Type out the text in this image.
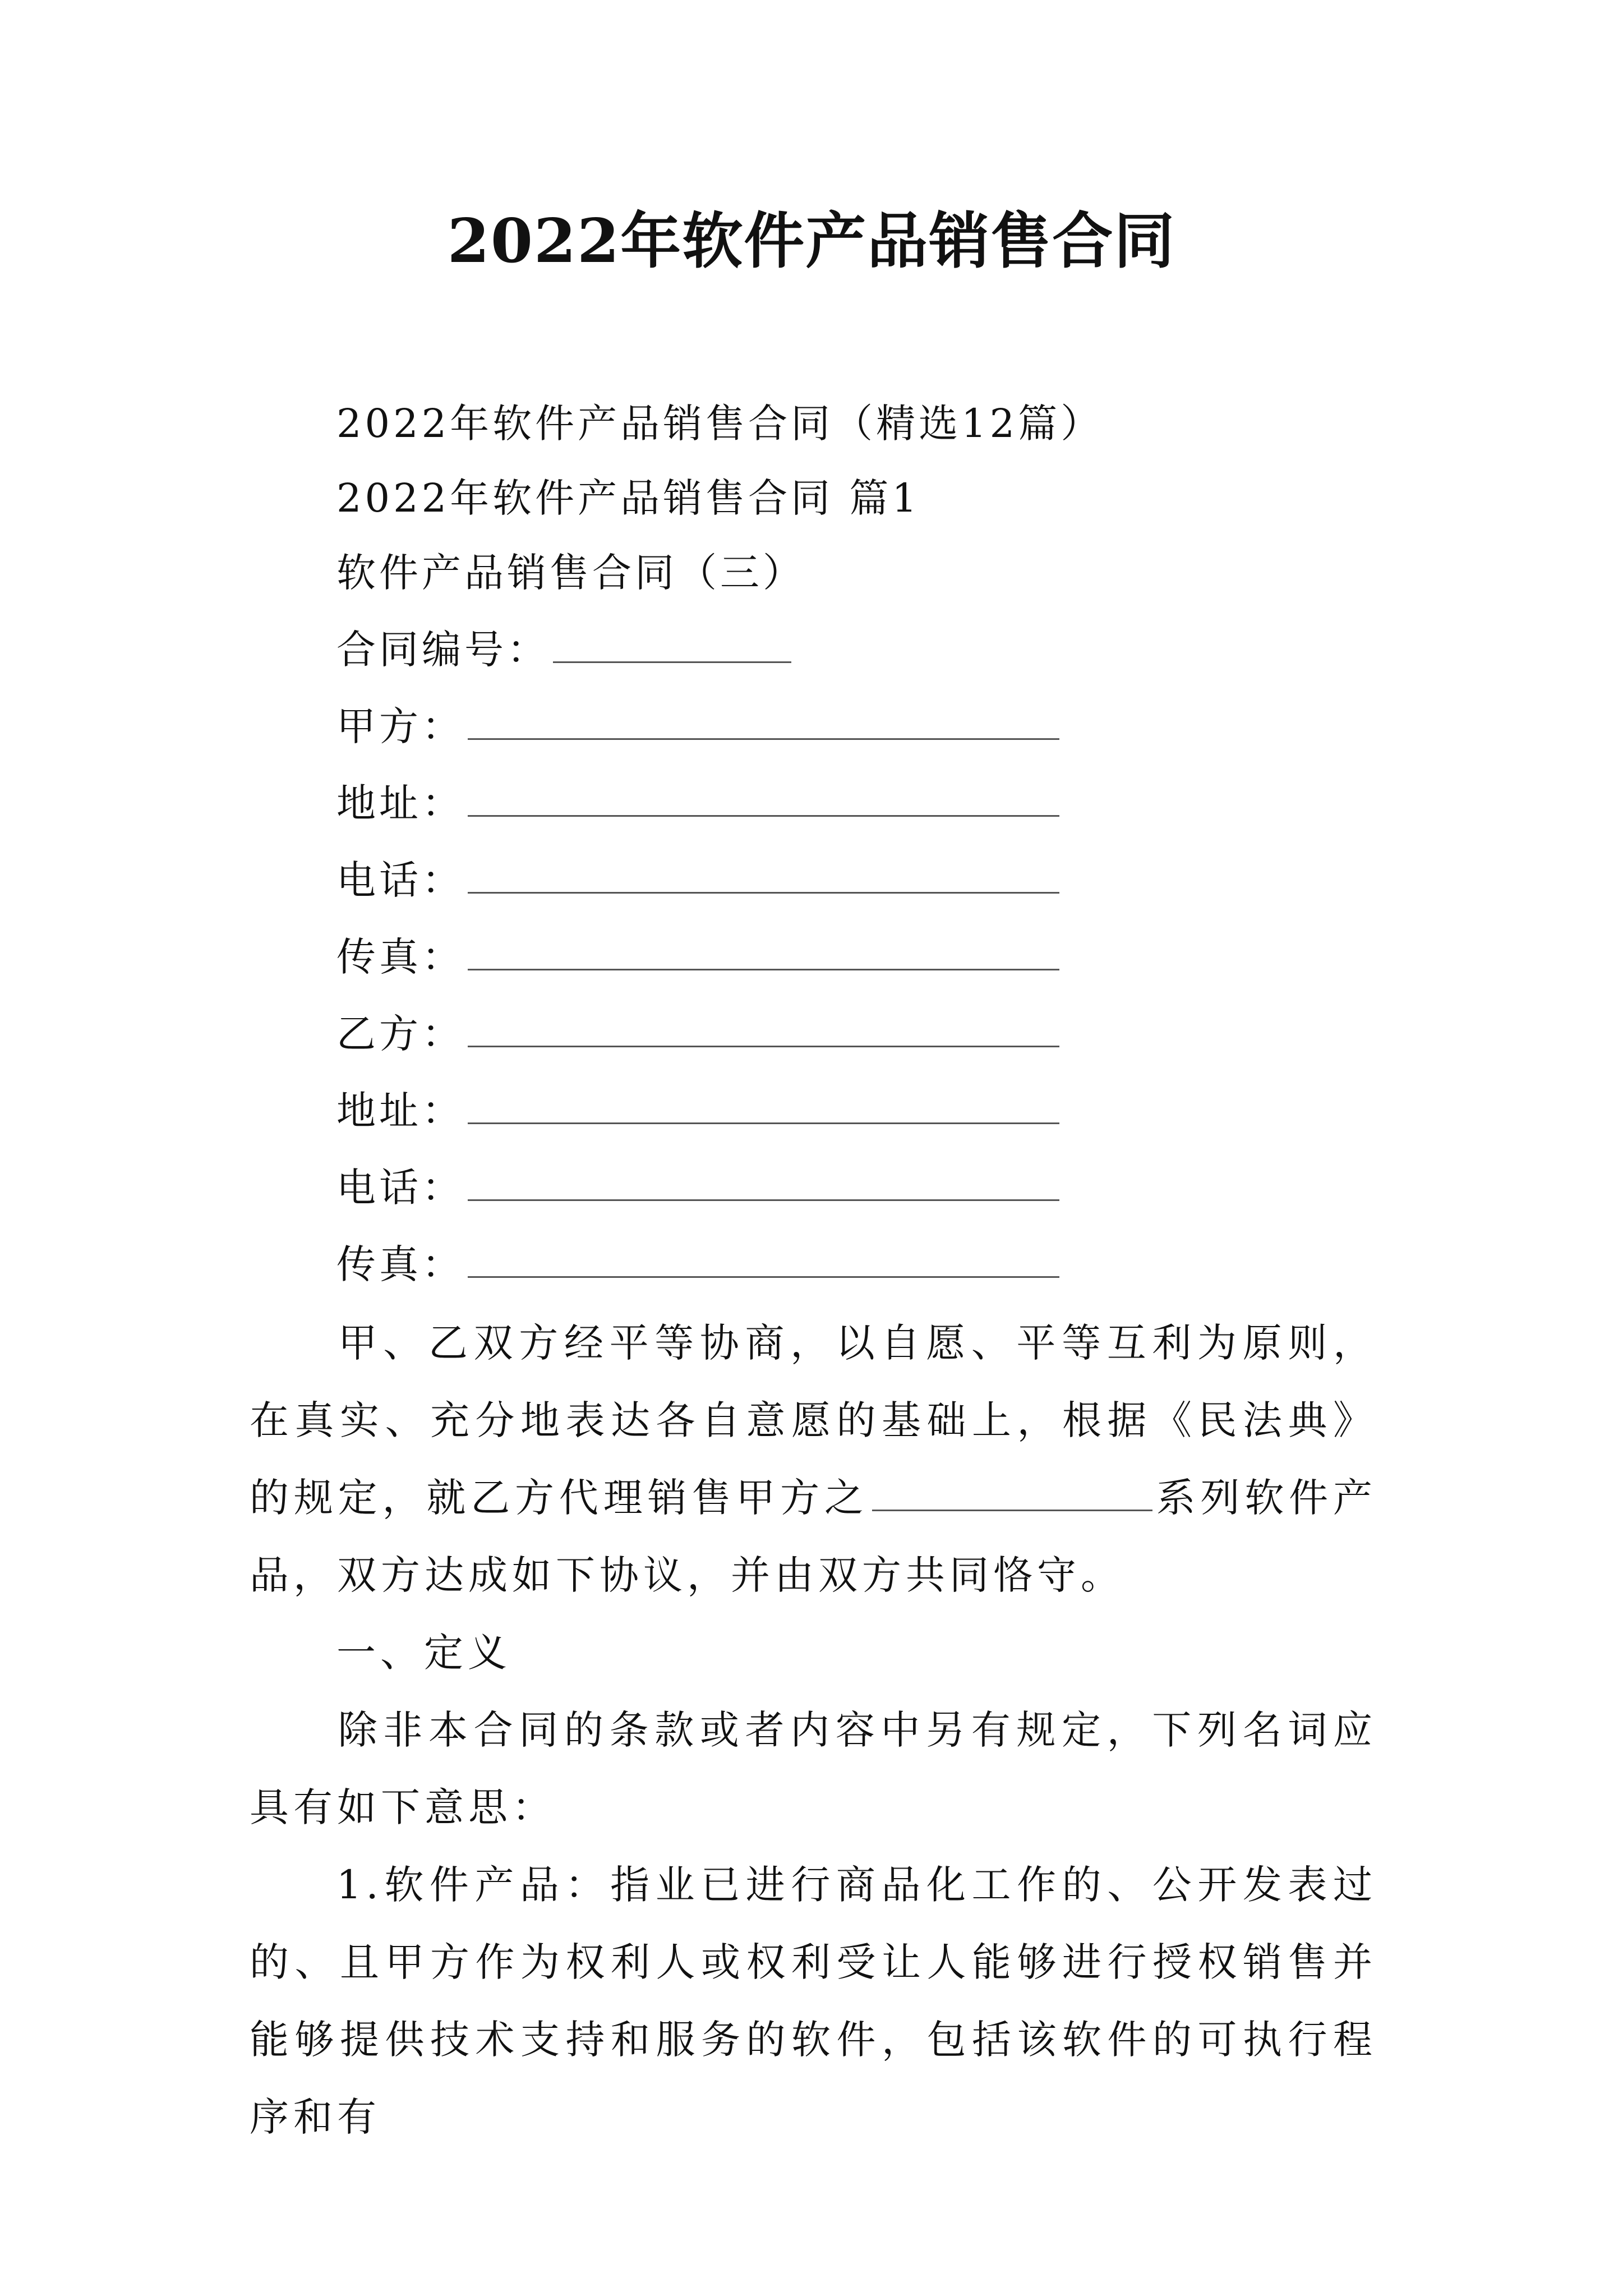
2022年软件产品销售合同
2022年软件产品销售合同（精选12篇）
2022年软件产品销售合同 篇1
软件产品销售合同（三）
合同编号：
甲方：
地址：
电话：
传真：
乙方：
地址：
电话：
传真：
甲、乙双方经平等协商，以自愿、平等互利为原则，在真实、充分地表达各自意愿的基础上，根据《民法典》的规定，就乙方代理销售甲方之	系列软件产品，双方达成如下协议，并由双方共同恪守。
一、定义
除非本合同的条款或者内容中另有规定，下列名词应具有如下意思：
1.软件产品：指业已进行商品化工作的、公开发表过的、且甲方作为权利人或权利受让人能够进行授权销售并能够提供技术支持和服务的软件，包括该软件的可执行程序和有
